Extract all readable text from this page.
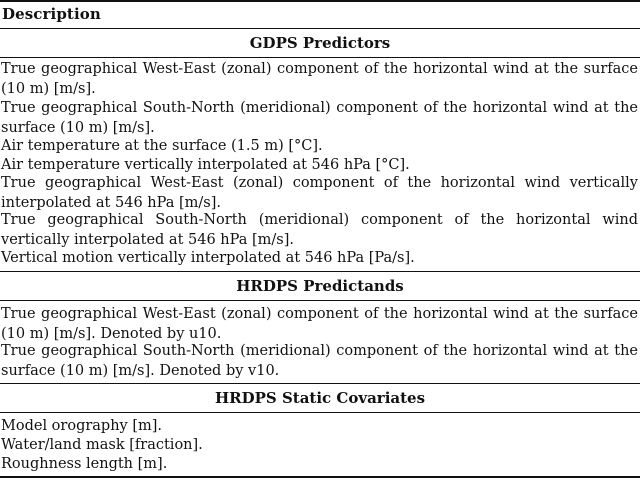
Description
GDPS Predictors
True geographical West-East (zonal) component of the horizontal wind at the surface (10 m) [m/s].
True geographical South-North (meridional) component of the horizontal wind at the surface (10 m) [m/s].
Air temperature at the surface (1.5 m) [°C].
Air temperature vertically interpolated at 546 hPa [°C].
True geographical West-East (zonal) component of the horizontal wind vertically interpolated at 546 hPa [m/s].
True geographical South-North (meridional) component of the horizontal wind vertically interpolated at 546 hPa [m/s].
Vertical motion vertically interpolated at 546 hPa [Pa/s].
HRDPS Predictands
True geographical West-East (zonal) component of the horizontal wind at the surface (10 m) [m/s]. Denoted by u10.
True geographical South-North (meridional) component of the horizontal wind at the surface (10 m) [m/s]. Denoted by v10.
HRDPS Static Covariates
Model orography [m].
Water/land mask [fraction].
Roughness length [m].
